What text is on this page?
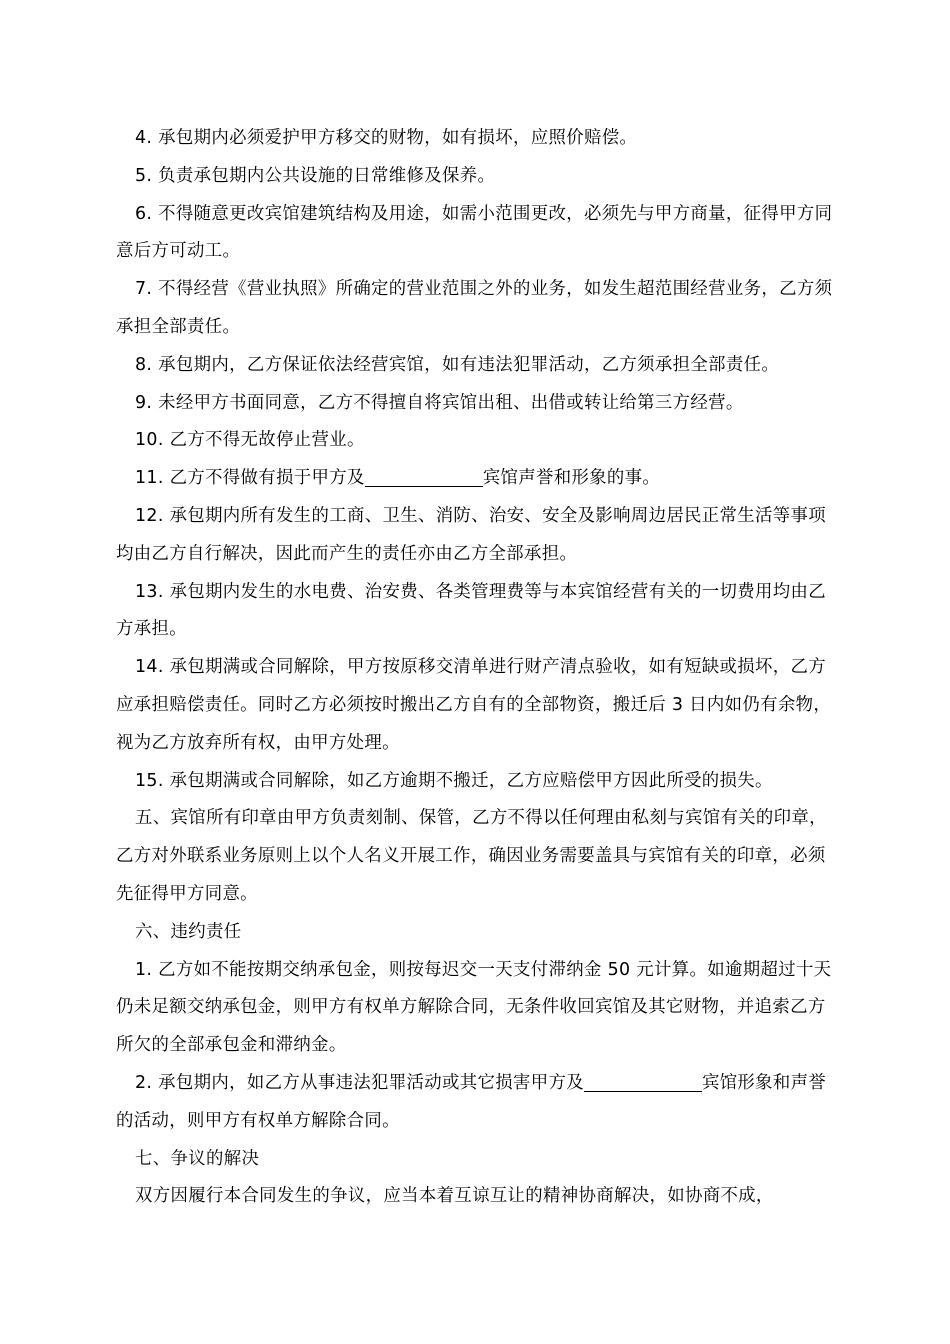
4. 承包期内必须爱护甲方移交的财物，如有损坏，应照价赔偿。

5. 负责承包期内公共设施的日常维修及保养。

6. 不得随意更改宾馆建筑结构及用途，如需小范围更改，必须先与甲方商量，征得甲方同意后方可动工。

7. 不得经营《营业执照》所确定的营业范围之外的业务，如发生超范围经营业务，乙方须承担全部责任。

8. 承包期内，乙方保证依法经营宾馆，如有违法犯罪活动，乙方须承担全部责任。

9. 未经甲方书面同意，乙方不得擅自将宾馆出租、出借或转让给第三方经营。

10. 乙方不得无故停止营业。

11. 乙方不得做有损于甲方及	宾馆声誉和形象的事。

12. 承包期内所有发生的工商、卫生、消防、治安、安全及影响周边居民正常生活等事项均由乙方自行解决，因此而产生的责任亦由乙方全部承担。

13. 承包期内发生的水电费、治安费、各类管理费等与本宾馆经营有关的一切费用均由乙方承担。

14. 承包期满或合同解除，甲方按原移交清单进行财产清点验收，如有短缺或损坏，乙方应承担赔偿责任。同时乙方必须按时搬出乙方自有的全部物资，搬迁后 3 日内如仍有余物，视为乙方放弃所有权，由甲方处理。

15. 承包期满或合同解除，如乙方逾期不搬迁，乙方应赔偿甲方因此所受的损失。

五、宾馆所有印章由甲方负责刻制、保管，乙方不得以任何理由私刻与宾馆有关的印章，乙方对外联系业务原则上以个人名义开展工作，确因业务需要盖具与宾馆有关的印章，必须先征得甲方同意。

六、违约责任

1. 乙方如不能按期交纳承包金，则按每迟交一天支付滞纳金 50 元计算。如逾期超过十天仍未足额交纳承包金，则甲方有权单方解除合同，无条件收回宾馆及其它财物，并追索乙方所欠的全部承包金和滞纳金。

2. 承包期内，如乙方从事违法犯罪活动或其它损害甲方及	宾馆形象和声誉的活动，则甲方有权单方解除合同。

七、争议的解决

双方因履行本合同发生的争议，应当本着互谅互让的精神协商解决，如协商不成，
